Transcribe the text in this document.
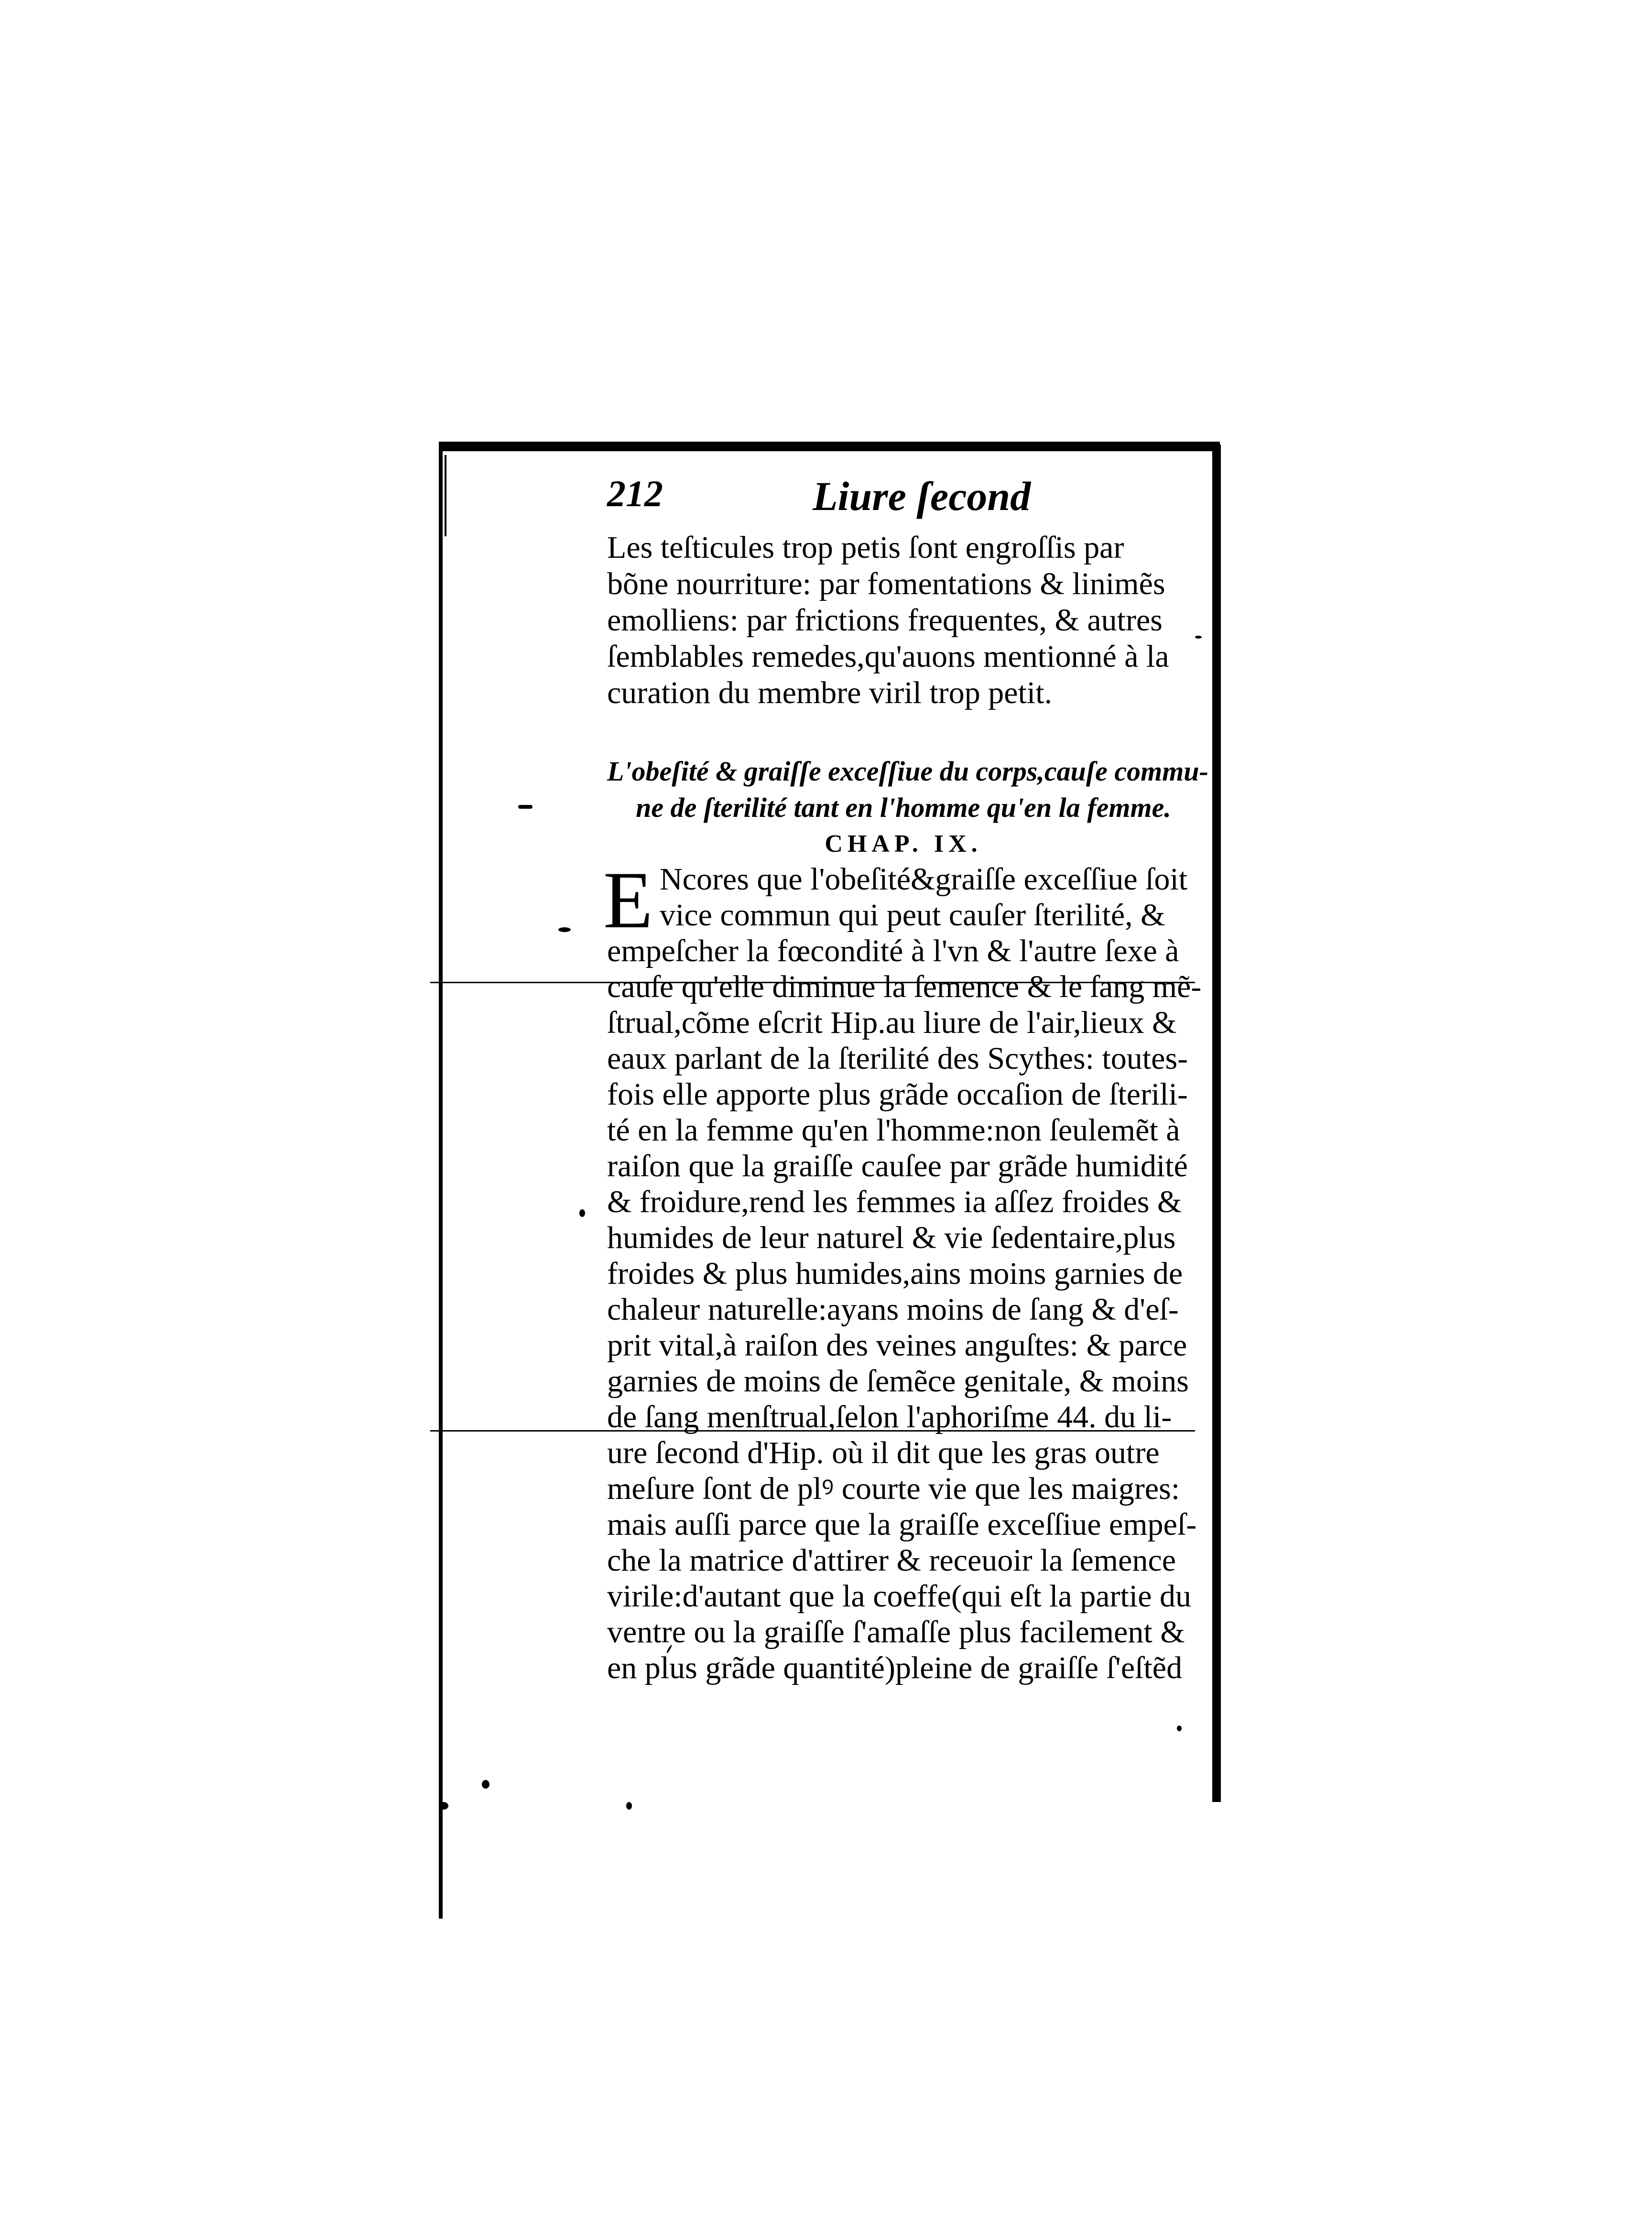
212	Liure ſecond

Les teſticules trop petis ſont engroſſis par
bõne nourriture: par fomentations & linimẽs
emolliens: par frictions frequentes, & autres
ſemblables remedes,qu'auons mentionné à la
curation du membre viril trop petit.

L'obeſité & graiſſe exceſſiue du corps,cauſe commu-
ne de ſterilité tant en l'homme qu'en la femme.
CHAP. IX.
E Ncores que l'obeſité&graiſſe exceſſiue ſoit
vice commun qui peut cauſer ſterilité, &
empeſcher la fœcondité à l'vn & l'autre ſexe à
cauſe qu'elle diminue la ſemence & le ſang mẽ-
ſtrual,cõme eſcrit Hip.au liure de l'air,lieux &
eaux parlant de la ſterilité des Scythes: toutes-
fois elle apporte plus grãde occaſion de ſterili-
té en la femme qu'en l'homme:non ſeulemẽt à
raiſon que la graiſſe cauſee par grãde humidité
& froidure,rend les femmes ia aſſez froides &
humides de leur naturel & vie ſedentaire,plus
froides & plus humides,ains moins garnies de
chaleur naturelle:ayans moins de ſang & d'eſ-
prit vital,à raiſon des veines anguſtes: & parce
garnies de moins de ſemẽce genitale, & moins
de ſang menſtrual,ſelon l'aphoriſme 44. du li-
ure ſecond d'Hip. où il dit que les gras outre
meſure ſont de plꝰ courte vie que les maigres:
mais auſſi parce que la graiſſe exceſſiue empeſ-
che la matrice d'attirer & receuoir la ſemence
virile:d'autant que la coeffe(qui eſt la partie du
ventre ou la graiſſe ſ'amaſſe plus facilement &
en plus grãde quantité)pleine de graiſſe ſ'eſtẽd
